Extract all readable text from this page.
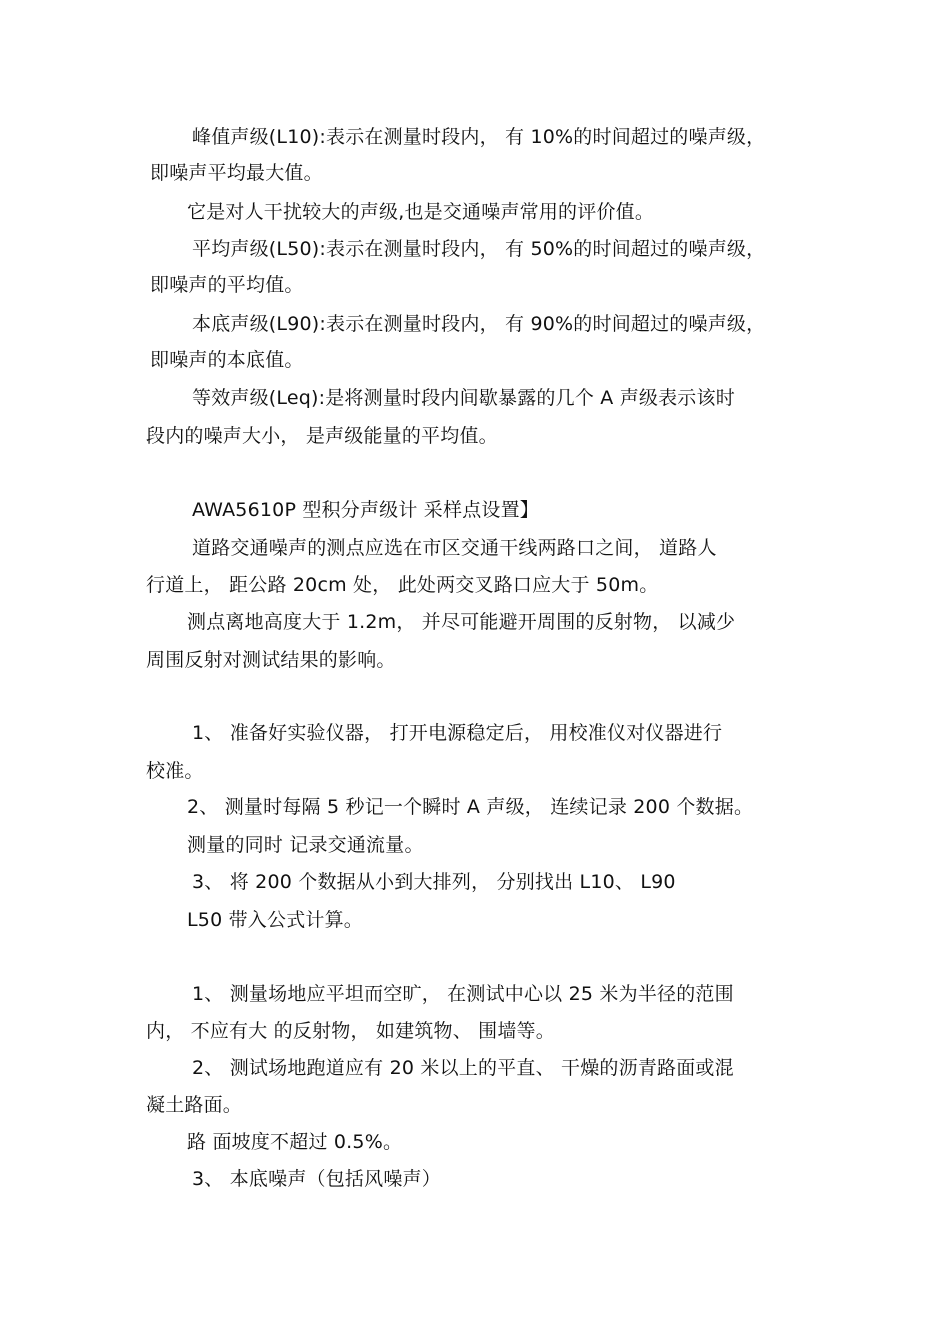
峰值声级(L10):表示在测量时段内， 有 10%的时间超过的噪声级，
即噪声平均最大值。
它是对人干扰较大的声级,也是交通噪声常用的评价值。
平均声级(L50):表示在测量时段内， 有 50%的时间超过的噪声级，
即噪声的平均值。
本底声级(L90):表示在测量时段内， 有 90%的时间超过的噪声级，
即噪声的本底值。
等效声级(Leq):是将测量时段内间歇暴露的几个 A 声级表示该时
段内的噪声大小， 是声级能量的平均值。
AWA5610P 型积分声级计 采样点设置】
道路交通噪声的测点应选在市区交通干线两路口之间， 道路人
行道上， 距公路 20cm 处， 此处两交叉路口应大于 50m。
测点离地高度大于 1.2m， 并尽可能避开周围的反射物， 以减少
周围反射对测试结果的影响。
1、 准备好实验仪器， 打开电源稳定后， 用校准仪对仪器进行
校准。
2、 测量时每隔 5 秒记一个瞬时 A 声级， 连续记录 200 个数据。
测量的同时 记录交通流量。
3、 将 200 个数据从小到大排列， 分别找出 L10、 L90
L50 带入公式计算。
1、 测量场地应平坦而空旷， 在测试中心以 25 米为半径的范围
内， 不应有大 的反射物， 如建筑物、 围墙等。
2、 测试场地跑道应有 20 米以上的平直、 干燥的沥青路面或混
凝土路面。
路 面坡度不超过 0.5%。
3、 本底噪声（包括风噪声）
